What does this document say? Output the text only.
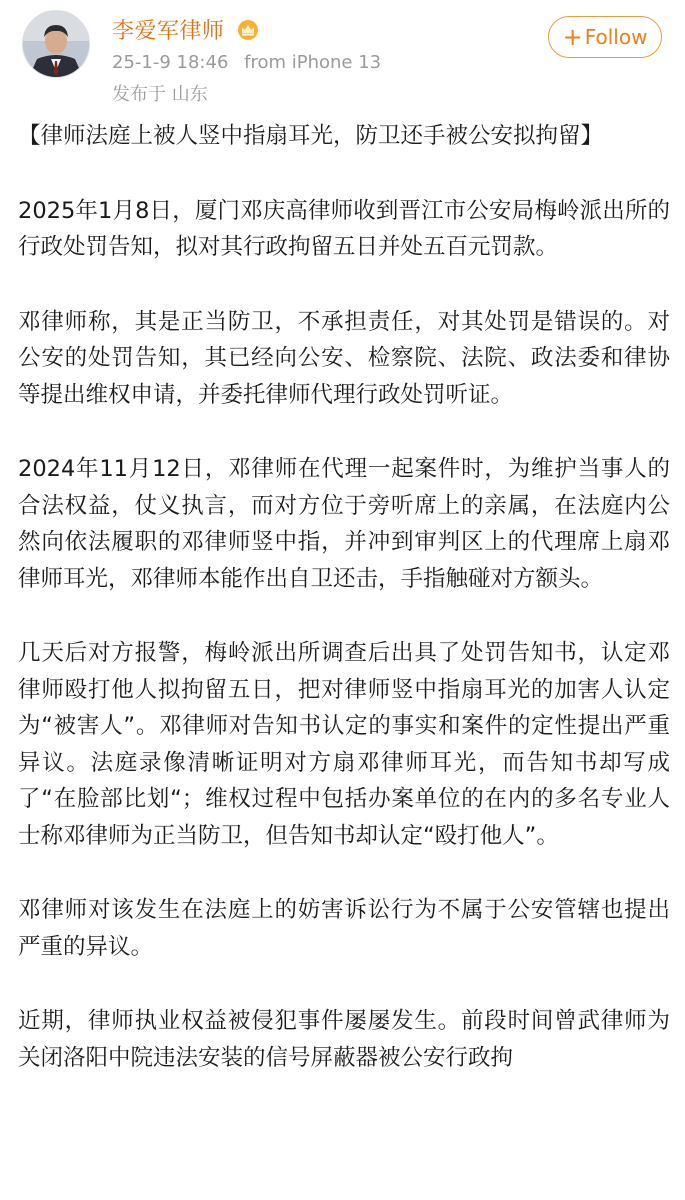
李爱军律师
25-1-9 18:46 from iPhone 13
发布于 山东
+ Follow

【律师法庭上被人竖中指扇耳光，防卫还手被公安拟拘留】

2025年1月8日，厦门邓庆高律师收到晋江市公安局梅岭派出所的行政处罚告知，拟对其行政拘留五日并处五百元罚款。

邓律师称，其是正当防卫，不承担责任，对其处罚是错误的。对公安的处罚告知，其已经向公安、检察院、法院、政法委和律协等提出维权申请，并委托律师代理行政处罚听证。

2024年11月12日，邓律师在代理一起案件时，为维护当事人的合法权益，仗义执言，而对方位于旁听席上的亲属，在法庭内公然向依法履职的邓律师竖中指，并冲到审判区上的代理席上扇邓律师耳光，邓律师本能作出自卫还击，手指触碰对方额头。

几天后对方报警，梅岭派出所调查后出具了处罚告知书，认定邓律师殴打他人拟拘留五日，把对律师竖中指扇耳光的加害人认定为“被害人”。邓律师对告知书认定的事实和案件的定性提出严重异议。法庭录像清晰证明对方扇邓律师耳光，而告知书却写成了“在脸部比划“；维权过程中包括办案单位的在内的多名专业人士称邓律师为正当防卫，但告知书却认定“殴打他人”。

邓律师对该发生在法庭上的妨害诉讼行为不属于公安管辖也提出严重的异议。

近期，律师执业权益被侵犯事件屡屡发生。前段时间曾武律师为关闭洛阳中院违法安装的信号屏蔽器被公安行政拘
